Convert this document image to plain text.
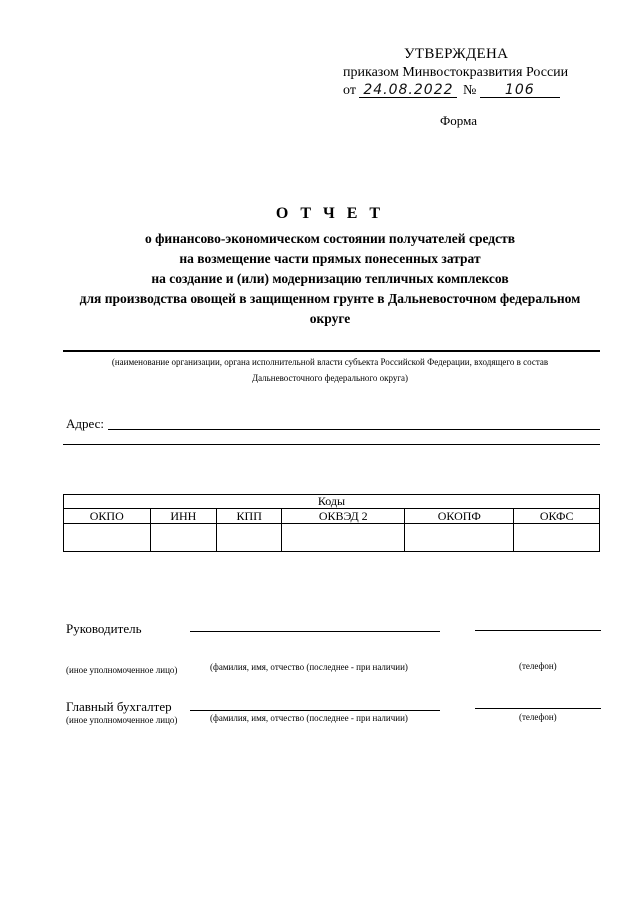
УТВЕРЖДЕНА
приказом Минвостокразвития России
от 24.08.2022 № 106
Форма
О Т Ч Е Т
о финансово-экономическом состоянии получателей средств
на возмещение части прямых понесенных затрат
на создание и (или) модернизацию тепличных комплексов
для производства овощей в защищенном грунте в Дальневосточном федеральном
округе
(наименование организации, органа исполнительной власти субъекта Российской Федерации, входящего в состав
Дальневосточного федерального округа)
Адрес:
Коды					
ОКПО	ИНН	КПП	ОКВЭД 2	ОКОПФ	ОКФС

Руководитель
(иное уполномоченное лицо)	(фамилия, имя, отчество (последнее - при наличии)	(телефон)
Главный бухгалтер
(иное уполномоченное лицо)	(фамилия, имя, отчество (последнее - при наличии)	(телефон)
